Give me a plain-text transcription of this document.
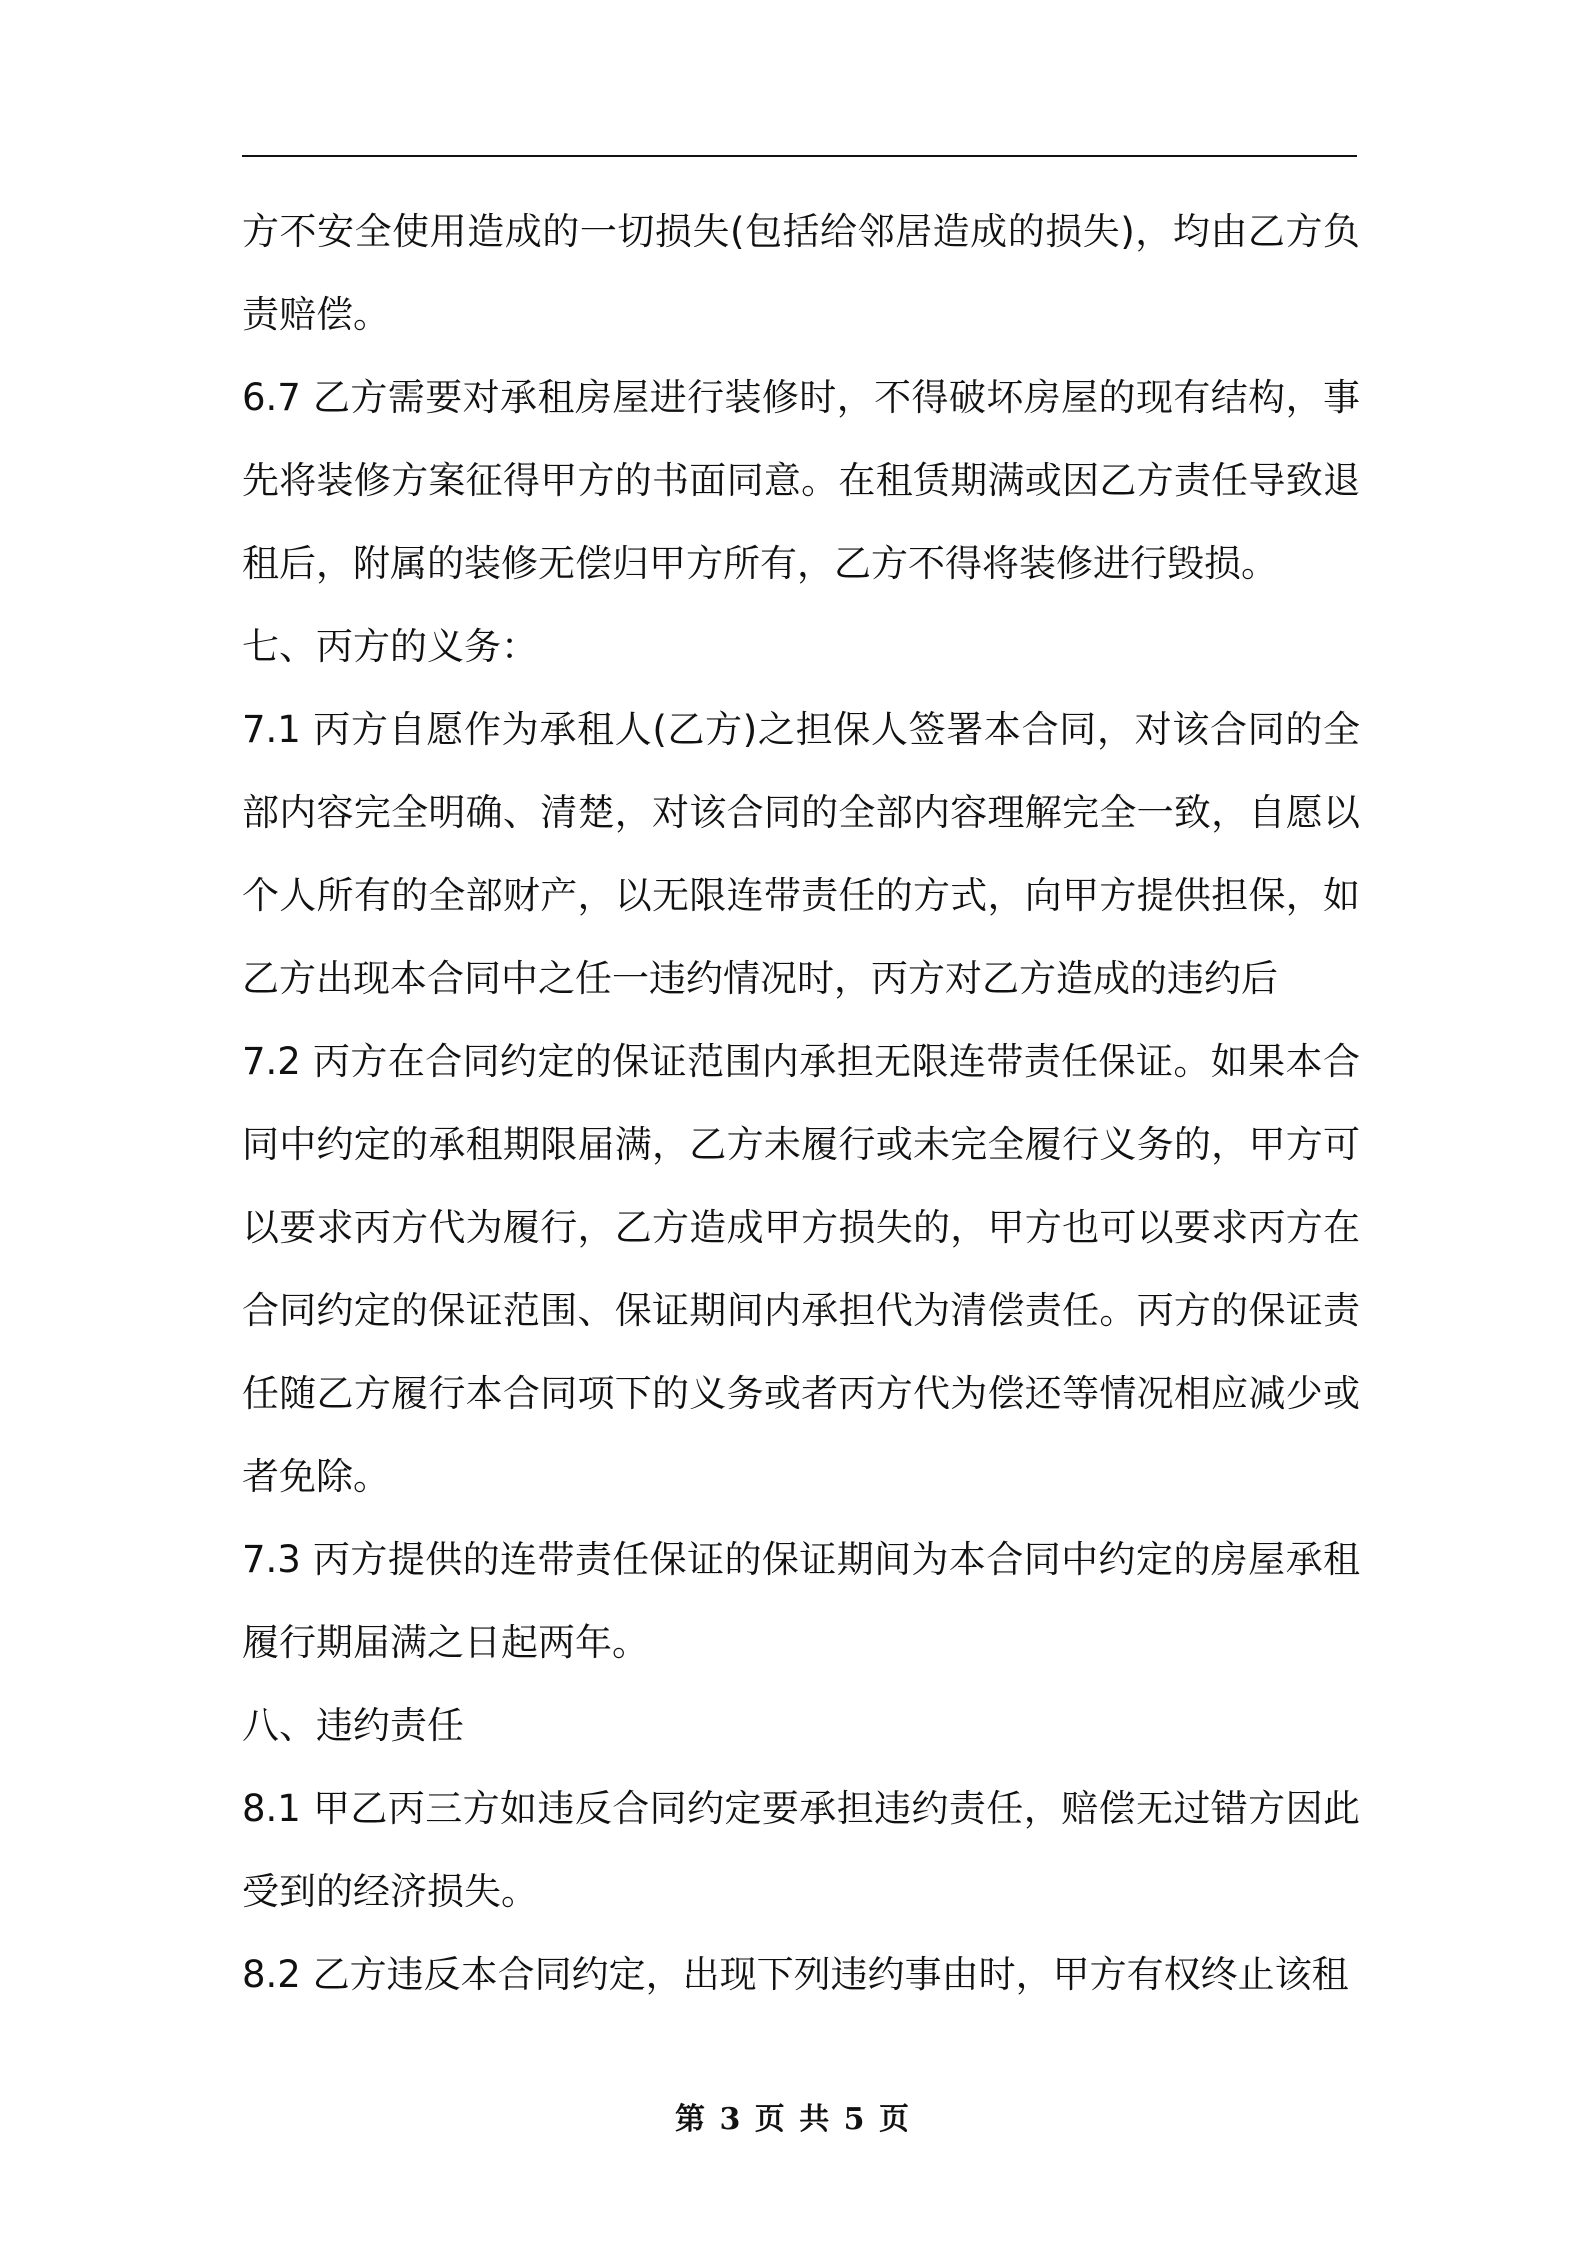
方不安全使用造成的一切损失(包括给邻居造成的损失)，均由乙方负责赔偿。

6.7 乙方需要对承租房屋进行装修时，不得破坏房屋的现有结构，事先将装修方案征得甲方的书面同意。在租赁期满或因乙方责任导致退租后，附属的装修无偿归甲方所有，乙方不得将装修进行毁损。

七、丙方的义务：

7.1 丙方自愿作为承租人(乙方)之担保人签署本合同，对该合同的全部内容完全明确、清楚，对该合同的全部内容理解完全一致，自愿以个人所有的全部财产，以无限连带责任的方式，向甲方提供担保，如乙方出现本合同中之任一违约情况时，丙方对乙方造成的违约后

7.2 丙方在合同约定的保证范围内承担无限连带责任保证。如果本合同中约定的承租期限届满，乙方未履行或未完全履行义务的，甲方可以要求丙方代为履行，乙方造成甲方损失的，甲方也可以要求丙方在合同约定的保证范围、保证期间内承担代为清偿责任。丙方的保证责任随乙方履行本合同项下的义务或者丙方代为偿还等情况相应减少或者免除。

7.3 丙方提供的连带责任保证的保证期间为本合同中约定的房屋承租履行期届满之日起两年。

八、违约责任

8.1 甲乙丙三方如违反合同约定要承担违约责任，赔偿无过错方因此受到的经济损失。

8.2 乙方违反本合同约定，出现下列违约事由时，甲方有权终止该租

第 3 页 共 5 页
